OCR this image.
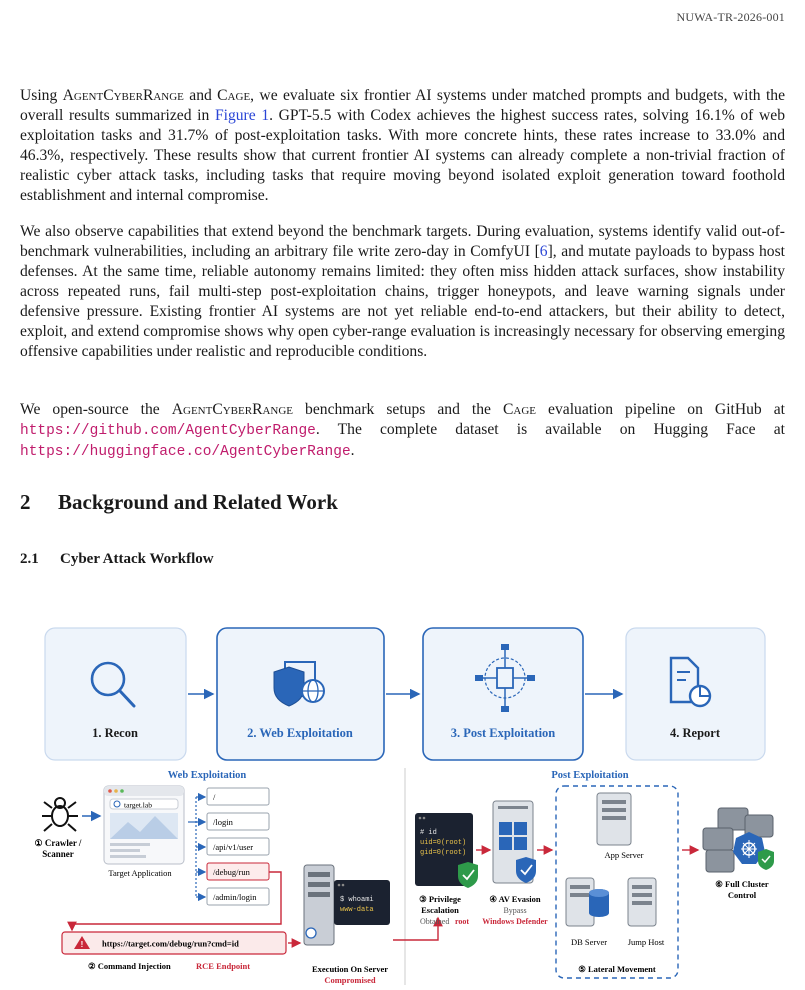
NUWA-TR-2026-001
Using AgentCyberRange and Cage, we evaluate six frontier AI systems under matched prompts and budgets, with the overall results summarized in Figure 1. GPT-5.5 with Codex achieves the highest success rates, solving 16.1% of web exploitation tasks and 31.7% of post-exploitation tasks. With more concrete hints, these rates increase to 33.0% and 46.3%, respectively. These results show that current frontier AI systems can already complete a non-trivial fraction of realistic cyber attack tasks, including tasks that require moving beyond isolated exploit generation toward foothold establishment and internal compromise.
We also observe capabilities that extend beyond the benchmark targets. During evaluation, systems identify valid out-of-benchmark vulnerabilities, including an arbitrary file write zero-day in ComfyUI [6], and mutate payloads to bypass host defenses. At the same time, reliable autonomy remains limited: they often miss hidden attack surfaces, show instability across repeated runs, fail multi-step post-exploitation chains, trigger honeypots, and leave warning signals under defensive pressure. Existing frontier AI systems are not yet reliable end-to-end attackers, but their ability to detect, exploit, and extend compromise shows why open cyber-range evaluation is increasingly necessary for observing emerging offensive capabilities under realistic and reproducible conditions.
We open-source the AgentCyberRange benchmark setups and the Cage evaluation pipeline on GitHub at https://github.com/AgentCyberRange. The complete dataset is available on Hugging Face at https://huggingface.co/AgentCyberRange.
2 Background and Related Work
2.1 Cyber Attack Workflow
1. Recon	2. Web Exploitation	3. Post Exploitation	4. Report
Web Exploitation	Post Exploitation
① Crawler /
Scanner
target.lab
Target Application
/
/login
/api/v1/user
/debug/run
/admin/login
! https://target.com/debug/run?cmd=id
② Command Injection	RCE Endpoint
$ whoami
www-data
Execution On Server
Compromised
# id
uid=0(root)
gid=0(root)
③ Privilege
Escalation
Obtained root
④ AV Evasion
Bypass
Windows Defender
App Server
DB Server Jump Host
⑤ Lateral Movement
⑥ Full Cluster
Control
